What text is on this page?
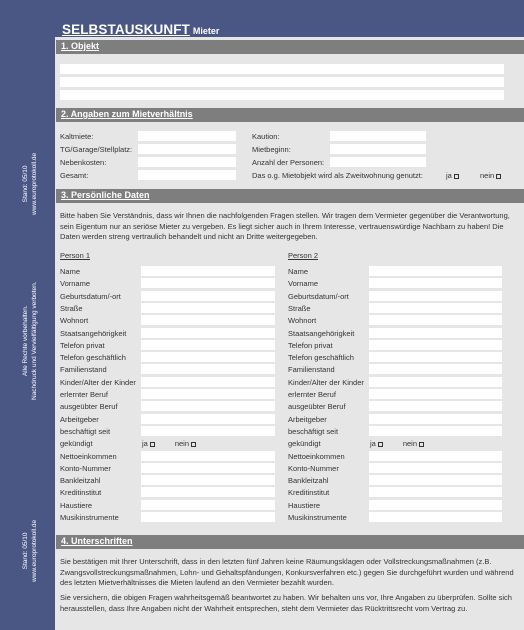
Stand: 05/10 www.europrotokoll.de
Alle Rechte vorbehalten. Nachdruck und Vervielfältigung verboten.
Stand: 05/10 www.europrotokoll.de
SELBSTAUSKUNFT Mieter
1. Objekt
2. Angaben zum Mietverhältnis
Kaltmiete:
TG/Garage/Stellplatz:
Nebenkosten:
Gesamt:
Kaution:
Mietbeginn:
Anzahl der Personen:
Das o.g. Mietobjekt wird als Zweitwohnung genutzt:	ja	nein
3. Persönliche Daten
Bitte haben Sie Verständnis, dass wir Ihnen die nachfolgenden Fragen stellen. Wir tragen dem Vermieter gegenüber die Verantwortung, sein Eigentum nur an seriöse Mieter zu vergeben. Es liegt sicher auch in Ihrem Interesse, vertrauenswürdige Nachbarn zu haben! Die Daten werden streng vertraulich behandelt und nicht an Dritte weitergegeben.
Person 1	Person 2
Name	Name
Vorname	Vorname
Geburtsdatum/-ort	Geburtsdatum/-ort
Straße	Straße
Wohnort	Wohnort
Staatsangehörigkeit	Staatsangehörigkeit
Telefon privat	Telefon privat
Telefon geschäftlich	Telefon geschäftlich
Familienstand	Familienstand
Kinder/Alter der Kinder	Kinder/Alter der Kinder
erlernter Beruf	erlernter Beruf
ausgeübter Beruf	ausgeübter Beruf
Arbeitgeber	Arbeitgeber
beschäftigt seit	beschäftigt seit
gekündigt	ja	nein	gekündigt	ja	nein
Nettoeinkommen	Nettoeinkommen
Konto-Nummer	Konto-Nummer
Bankleitzahl	Bankleitzahl
Kreditinstitut	Kreditinstitut
Haustiere	Haustiere
Musikinstrumente	Musikinstrumente
4. Unterschriften
Sie bestätigen mit Ihrer Unterschrift, dass in den letzten fünf Jahren keine Räumungsklagen oder Vollstreckungsmaßnahmen (z.B. Zwangsvollstreckungsmaßnahmen, Lohn- und Gehaltspfändungen, Konkursverfahren etc.) gegen Sie durchgeführt wurden und während des letzten Mietverhältnisses die Mieten laufend an den Vermieter bezahlt wurden.
Sie versichern, die obigen Fragen wahrheitsgemäß beantwortet zu haben. Wir behalten uns vor, Ihre Angaben zu überprüfen. Sollte sich herausstellen, dass Ihre Angaben nicht der Wahrheit entsprechen, steht dem Vermieter das Rücktrittsrecht vom Vertrag zu.
